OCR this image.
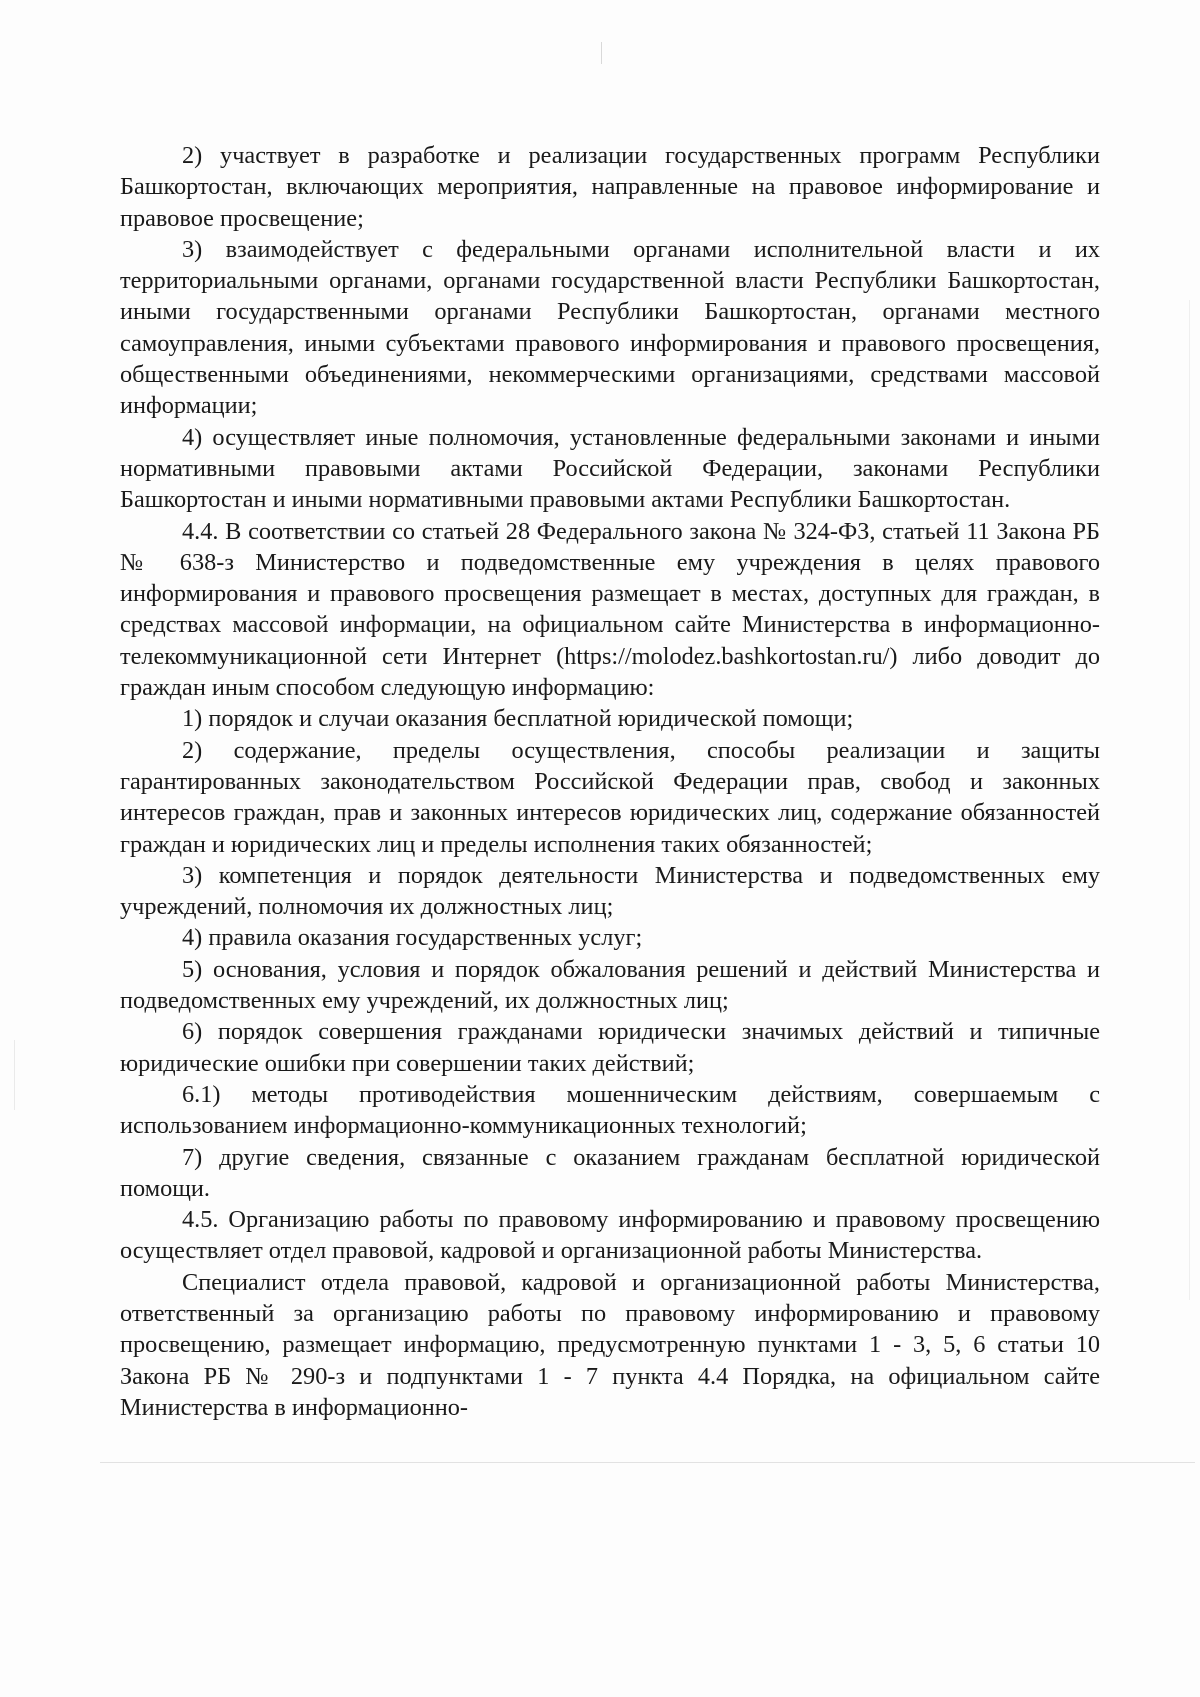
2) участвует в разработке и реализации государственных программ Республики Башкортостан, включающих мероприятия, направленные на правовое информирование и правовое просвещение;

3) взаимодействует с федеральными органами исполнительной власти и их территориальными органами, органами государственной власти Республики Башкортостан, иными государственными органами Республики Башкортостан, органами местного самоуправления, иными субъектами правового информирования и правового просвещения, общественными объединениями, некоммерческими организациями, средствами массовой информации;

4) осуществляет иные полномочия, установленные федеральными законами и иными нормативными правовыми актами Российской Федерации, законами Республики Башкортостан и иными нормативными правовыми актами Республики Башкортостан.

4.4. В соответствии со статьей 28 Федерального закона № 324-ФЗ, статьей 11 Закона РБ № 638-з Министерство и подведомственные ему учреждения в целях правового информирования и правового просвещения размещает в местах, доступных для граждан, в средствах массовой информации, на официальном сайте Министерства в информационно-телекоммуникационной сети Интернет (https://molodez.bashkortostan.ru/) либо доводит до граждан иным способом следующую информацию:

1) порядок и случаи оказания бесплатной юридической помощи;

2) содержание, пределы осуществления, способы реализации и защиты гарантированных законодательством Российской Федерации прав, свобод и законных интересов граждан, прав и законных интересов юридических лиц, содержание обязанностей граждан и юридических лиц и пределы исполнения таких обязанностей;

3) компетенция и порядок деятельности Министерства и подведомственных ему учреждений, полномочия их должностных лиц;

4) правила оказания государственных услуг;

5) основания, условия и порядок обжалования решений и действий Министерства и подведомственных ему учреждений, их должностных лиц;

6) порядок совершения гражданами юридически значимых действий и типичные юридические ошибки при совершении таких действий;

6.1) методы противодействия мошенническим действиям, совершаемым с использованием информационно-коммуникационных технологий;

7) другие сведения, связанные с оказанием гражданам бесплатной юридической помощи.

4.5. Организацию работы по правовому информированию и правовому просвещению осуществляет отдел правовой, кадровой и организационной работы Министерства.

Специалист отдела правовой, кадровой и организационной работы Министерства, ответственный за организацию работы по правовому информированию и правовому просвещению, размещает информацию, предусмотренную пунктами 1 - 3, 5, 6 статьи 10 Закона РБ № 290-з и подпунктами 1 - 7 пункта 4.4 Порядка, на официальном сайте Министерства в информационно-
